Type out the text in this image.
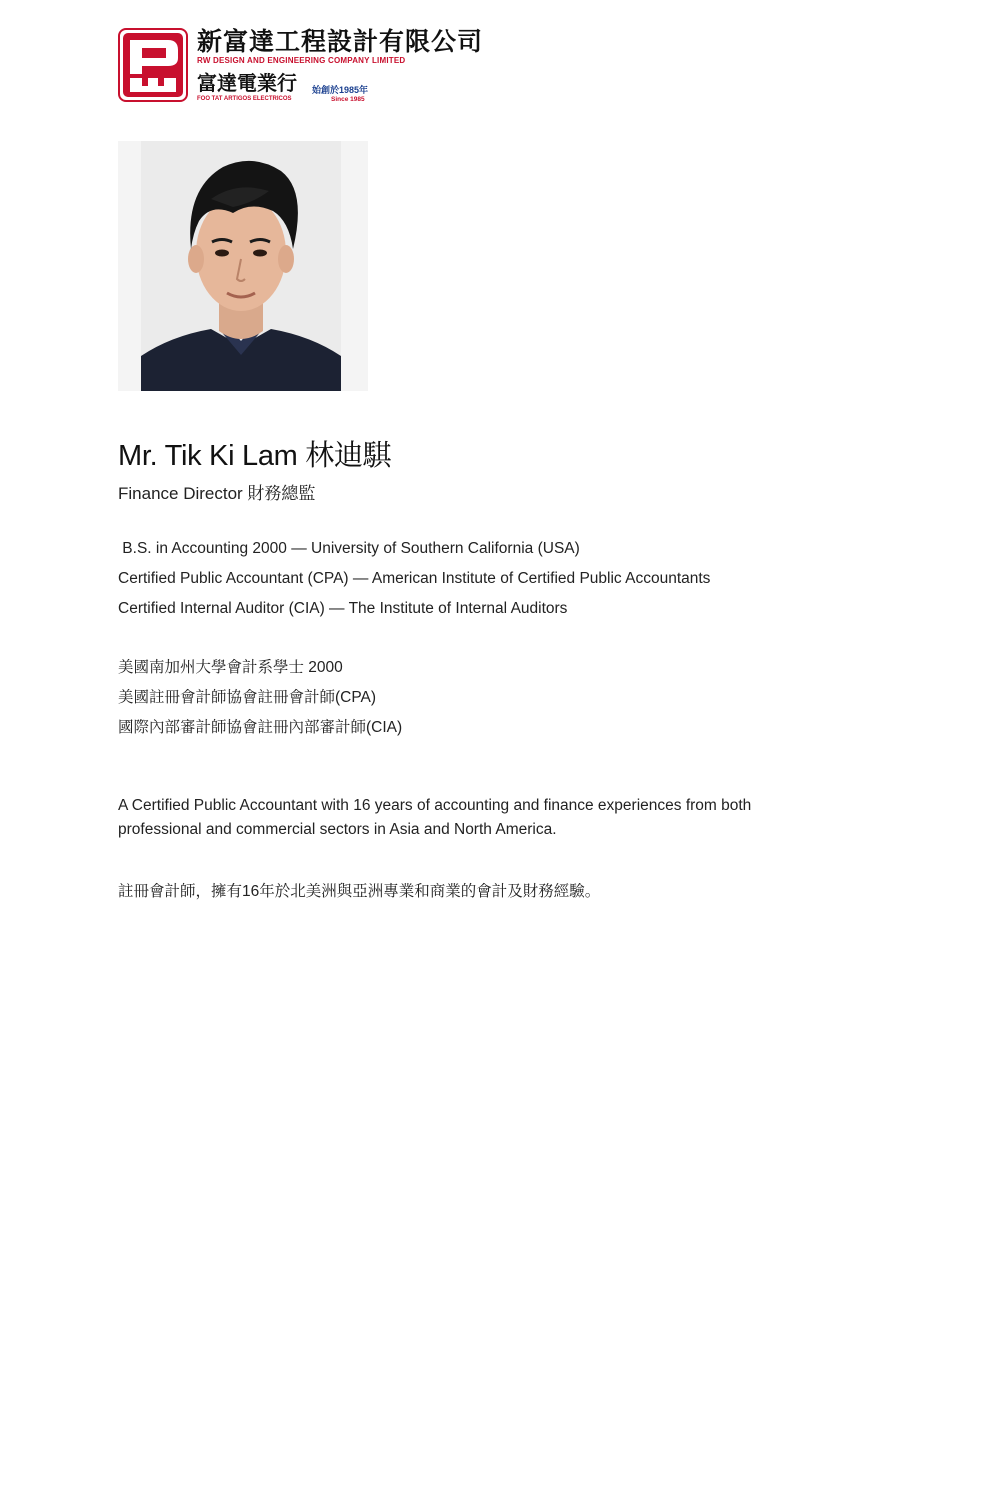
新富達工程設計有限公司
RW DESIGN AND ENGINEERING COMPANY LIMITED
富達電業行 始創於1985年
FOO TAT ARTIGOS ELECTRICOS	Since 1985
Mr. Tik Ki Lam 林迪騏
Finance Director 財務總監
B.S. in Accounting 2000 — University of Southern California (USA)
Certified Public Accountant (CPA) — American Institute of Certified Public Accountants
Certified Internal Auditor (CIA) — The Institute of Internal Auditors
美國南加州大學會計系學士 2000
美國註冊會計師協會註冊會計師(CPA)
國際內部審計師協會註冊內部審計師(CIA)
A Certified Public Accountant with 16 years of accounting and finance experiences from both professional and commercial sectors in Asia and North America.
註冊會計師，擁有16年於北美洲與亞洲專業和商業的會計及財務經驗。
